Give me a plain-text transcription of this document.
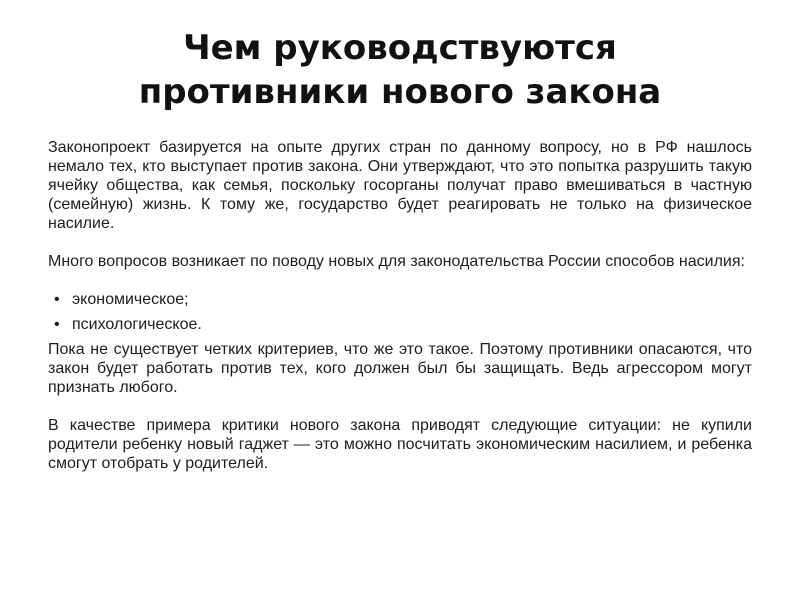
Чем руководствуются
противники нового закона

Законопроект базируется на опыте других стран по данному вопросу, но в РФ нашлось немало тех, кто выступает против закона. Они утверждают, что это попытка разрушить такую ячейку общества, как семья, поскольку госорганы получат право вмешиваться в частную (семейную) жизнь. К тому же, государство будет реагировать не только на физическое насилие.

Много вопросов возникает по поводу новых для законодательства России способов насилия:

• экономическое;
• психологическое.

Пока не существует четких критериев, что же это такое. Поэтому противники опасаются, что закон будет работать против тех, кого должен был бы защищать. Ведь агрессором могут признать любого.

В качестве примера критики нового закона приводят следующие ситуации: не купили родители ребенку новый гаджет — это можно посчитать экономическим насилием, и ребенка смогут отобрать у родителей.
